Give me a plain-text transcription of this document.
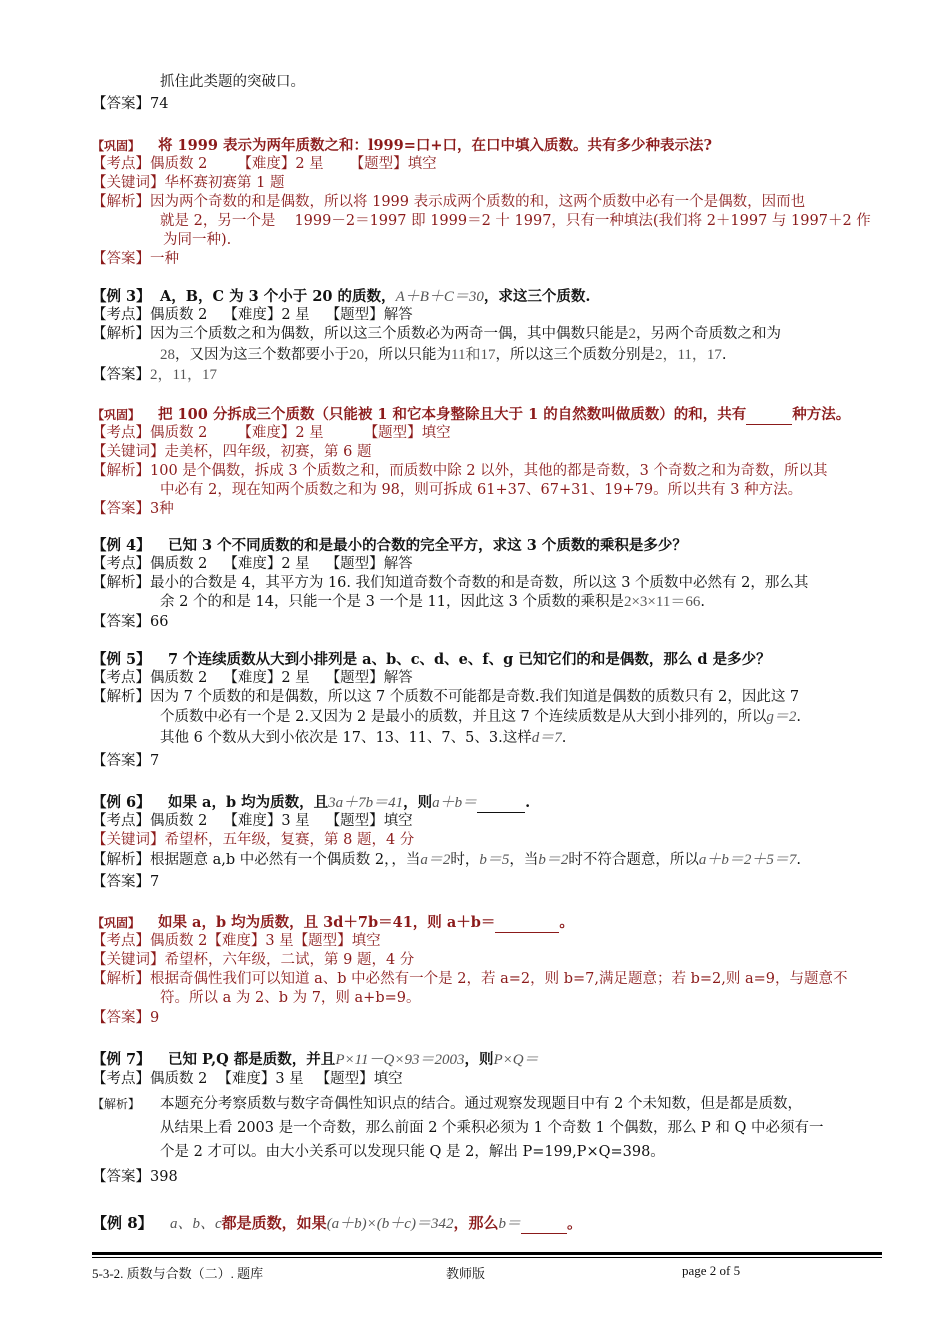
抓住此类题的突破口。
【答案】74
【巩固】 将 1999 表示为两年质数之和：l999=口+口，在口中填入质数。共有多少种表示法?
【考点】偶质数 2 【难度】2 星 【题型】填空
【关键词】华杯赛初赛第 1 题
【解析】因为两个奇数的和是偶数，所以将 1999 表示成两个质数的和，这两个质数中必有一个是偶数，因而也
就是 2，另一个是　 1999－2＝1997 即 1999＝2 十 1997，只有一种填法(我们将 2＋1997 与 1997＋2 作
为同一种).
【答案】一种
【例 3】 A，B，C 为 3 个小于 20 的质数，A＋B＋C＝30，求这三个质数.
【考点】偶质数 2 【难度】2 星 【题型】解答
【解析】因为三个质数之和为偶数，所以这三个质数必为两奇一偶，其中偶数只能是2，另两个奇质数之和为
28，又因为这三个数都要小于20，所以只能为11和17，所以这三个质数分别是2，11，17.
【答案】2，11，17
【巩固】 把 100 分拆成三个质数（只能被 1 和它本身整除且大于 1 的自然数叫做质数）的和，共有	种方法。
【考点】偶质数 2 【难度】2 星	【题型】填空
【关键词】走美杯，四年级，初赛，第 6 题
【解析】100 是个偶数，拆成 3 个质数之和，而质数中除 2 以外，其他的都是奇数，3 个奇数之和为奇数，所以其
中必有 2，现在知两个质数之和为 98，则可拆成 61+37、67+31、19+79。所以共有 3 种方法。
【答案】3种
【例 4】 已知 3 个不同质数的和是最小的合数的完全平方，求这 3 个质数的乘积是多少？
【考点】偶质数 2 【难度】2 星 【题型】解答
【解析】最小的合数是 4，其平方为 16. 我们知道奇数个奇数的和是奇数，所以这 3 个质数中必然有 2，那么其
余 2 个的和是 14，只能一个是 3 一个是 11，因此这 3 个质数的乘积是2×3×11＝66.
【答案】66
【例 5】 7 个连续质数从大到小排列是 a、b、c、d、e、f、g 已知它们的和是偶数，那么 d 是多少？
【考点】偶质数 2 【难度】2 星 【题型】解答
【解析】因为 7 个质数的和是偶数，所以这 7 个质数不可能都是奇数.我们知道是偶数的质数只有 2，因此这 7
个质数中必有一个是 2.又因为 2 是最小的质数，并且这 7 个连续质数是从大到小排列的，所以g＝2.
其他 6 个数从大到小依次是 17、13、11、7、5、3.这样d＝7.
【答案】7
【例 6】 如果 a，b 均为质数，且3a＋7b＝41，则a＋b＝	.
【考点】偶质数 2 【难度】3 星 【题型】填空
【关键词】希望杯，五年级，复赛，第 8 题，4 分
【解析】根据题意 a,b 中必然有一个偶质数 2，，当a＝2时，b＝5，当b＝2时不符合题意，所以a＋b＝2＋5＝7.
【答案】7
【巩固】 如果 a，b 均为质数，且 3d＋7b＝41，则 a＋b＝	。
【考点】偶质数 2【难度】3 星【题型】填空
【关键词】希望杯，六年级，二试，第 9 题，4 分
【解析】根据奇偶性我们可以知道 a、b 中必然有一个是 2，若 a=2，则 b=7,满足题意；若 b=2,则 a=9，与题意不
符。所以 a 为 2、b 为 7，则 a+b=9。
【答案】9
【例 7】 已知 P,Q 都是质数，并且P×11－Q×93＝2003，则P×Q＝
【考点】偶质数 2 【难度】3 星 【题型】填空
【解析】 本题充分考察质数与数字奇偶性知识点的结合。通过观察发现题目中有 2 个未知数，但是都是质数，
从结果上看 2003 是一个奇数，那么前面 2 个乘积必须为 1 个奇数 1 个偶数，那么 P 和 Q 中必须有一
个是 2 才可以。由大小关系可以发现只能 Q 是 2，解出 P=199,P×Q=398。
【答案】398
【例 8】 a、b、c都是质数，如果(a＋b)×(b＋c)＝342，那么b＝	。
5-3-2. 质数与合数（二）. 题库	教师版	page 2 of 5
